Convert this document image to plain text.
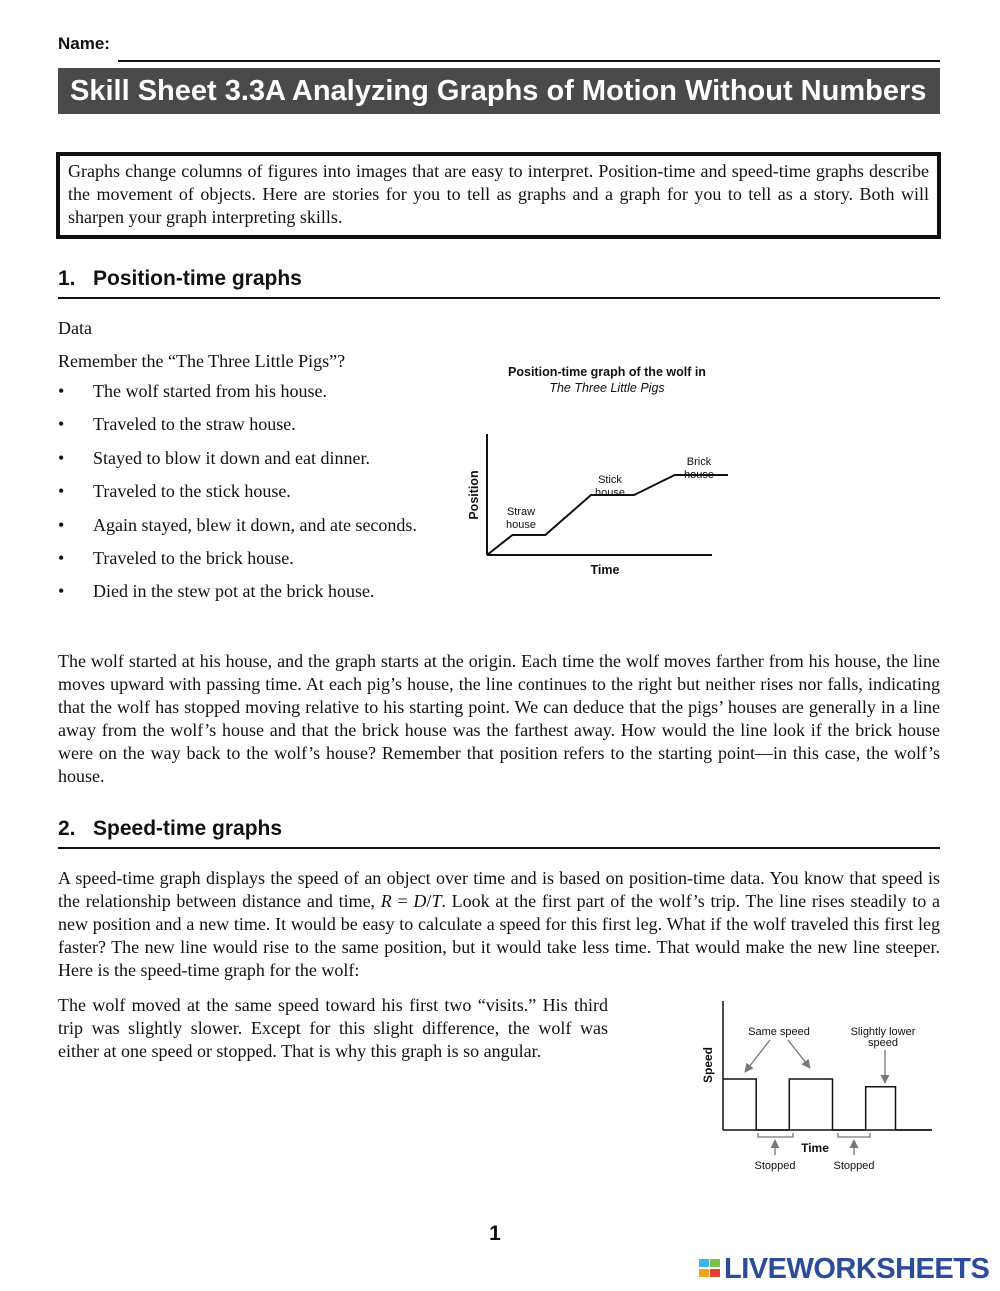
Name:
Skill Sheet 3.3A Analyzing Graphs of Motion Without Numbers
Graphs change columns of figures into images that are easy to interpret. Position-time and speed-time graphs describe the movement of objects. Here are stories for you to tell as graphs and a graph for you to tell as a story. Both will sharpen your graph interpreting skills.
1. Position-time graphs
Data
Remember the “The Three Little Pigs”?
• The wolf started from his house.
• Traveled to the straw house.
• Stayed to blow it down and eat dinner.
• Traveled to the stick house.
• Again stayed, blew it down, and ate seconds.
• Traveled to the brick house.
• Died in the stew pot at the brick house.
Position-time graph of the wolf in
The Three Little Pigs
Time
Position Straw
house
Stick
house
Brick
house
The wolf started at his house, and the graph starts at the origin. Each time the wolf moves farther from his house, the line moves upward with passing time. At each pig’s house, the line continues to the right but neither rises nor falls, indicating that the wolf has stopped moving relative to his starting point. We can deduce that the pigs’ houses are generally in a line away from the wolf’s house and that the brick house was the farthest away. How would the line look if the brick house were on the way back to the wolf’s house? Remember that position refers to the starting point—in this case, the wolf’s house.
2. Speed-time graphs
A speed-time graph displays the speed of an object over time and is based on position-time data. You know that speed is the relationship between distance and time, R = D/T. Look at the first part of the wolf’s trip. The line rises steadily to a new position and a new time. It would be easy to calculate a speed for this first leg. What if the wolf traveled this first leg faster? The new line would rise to the same position, but it would take less time. That would make the new line steeper. Here is the speed-time graph for the wolf:
The wolf moved at the same speed toward his first two “visits.” His third trip was slightly slower. Except for this slight difference, the wolf was either at one speed or stopped. That is why this graph is so angular.	Speed
Time
Same speed	Slightly lower
speed
Stopped	Stopped
1
LIVEWORKSHEETS
